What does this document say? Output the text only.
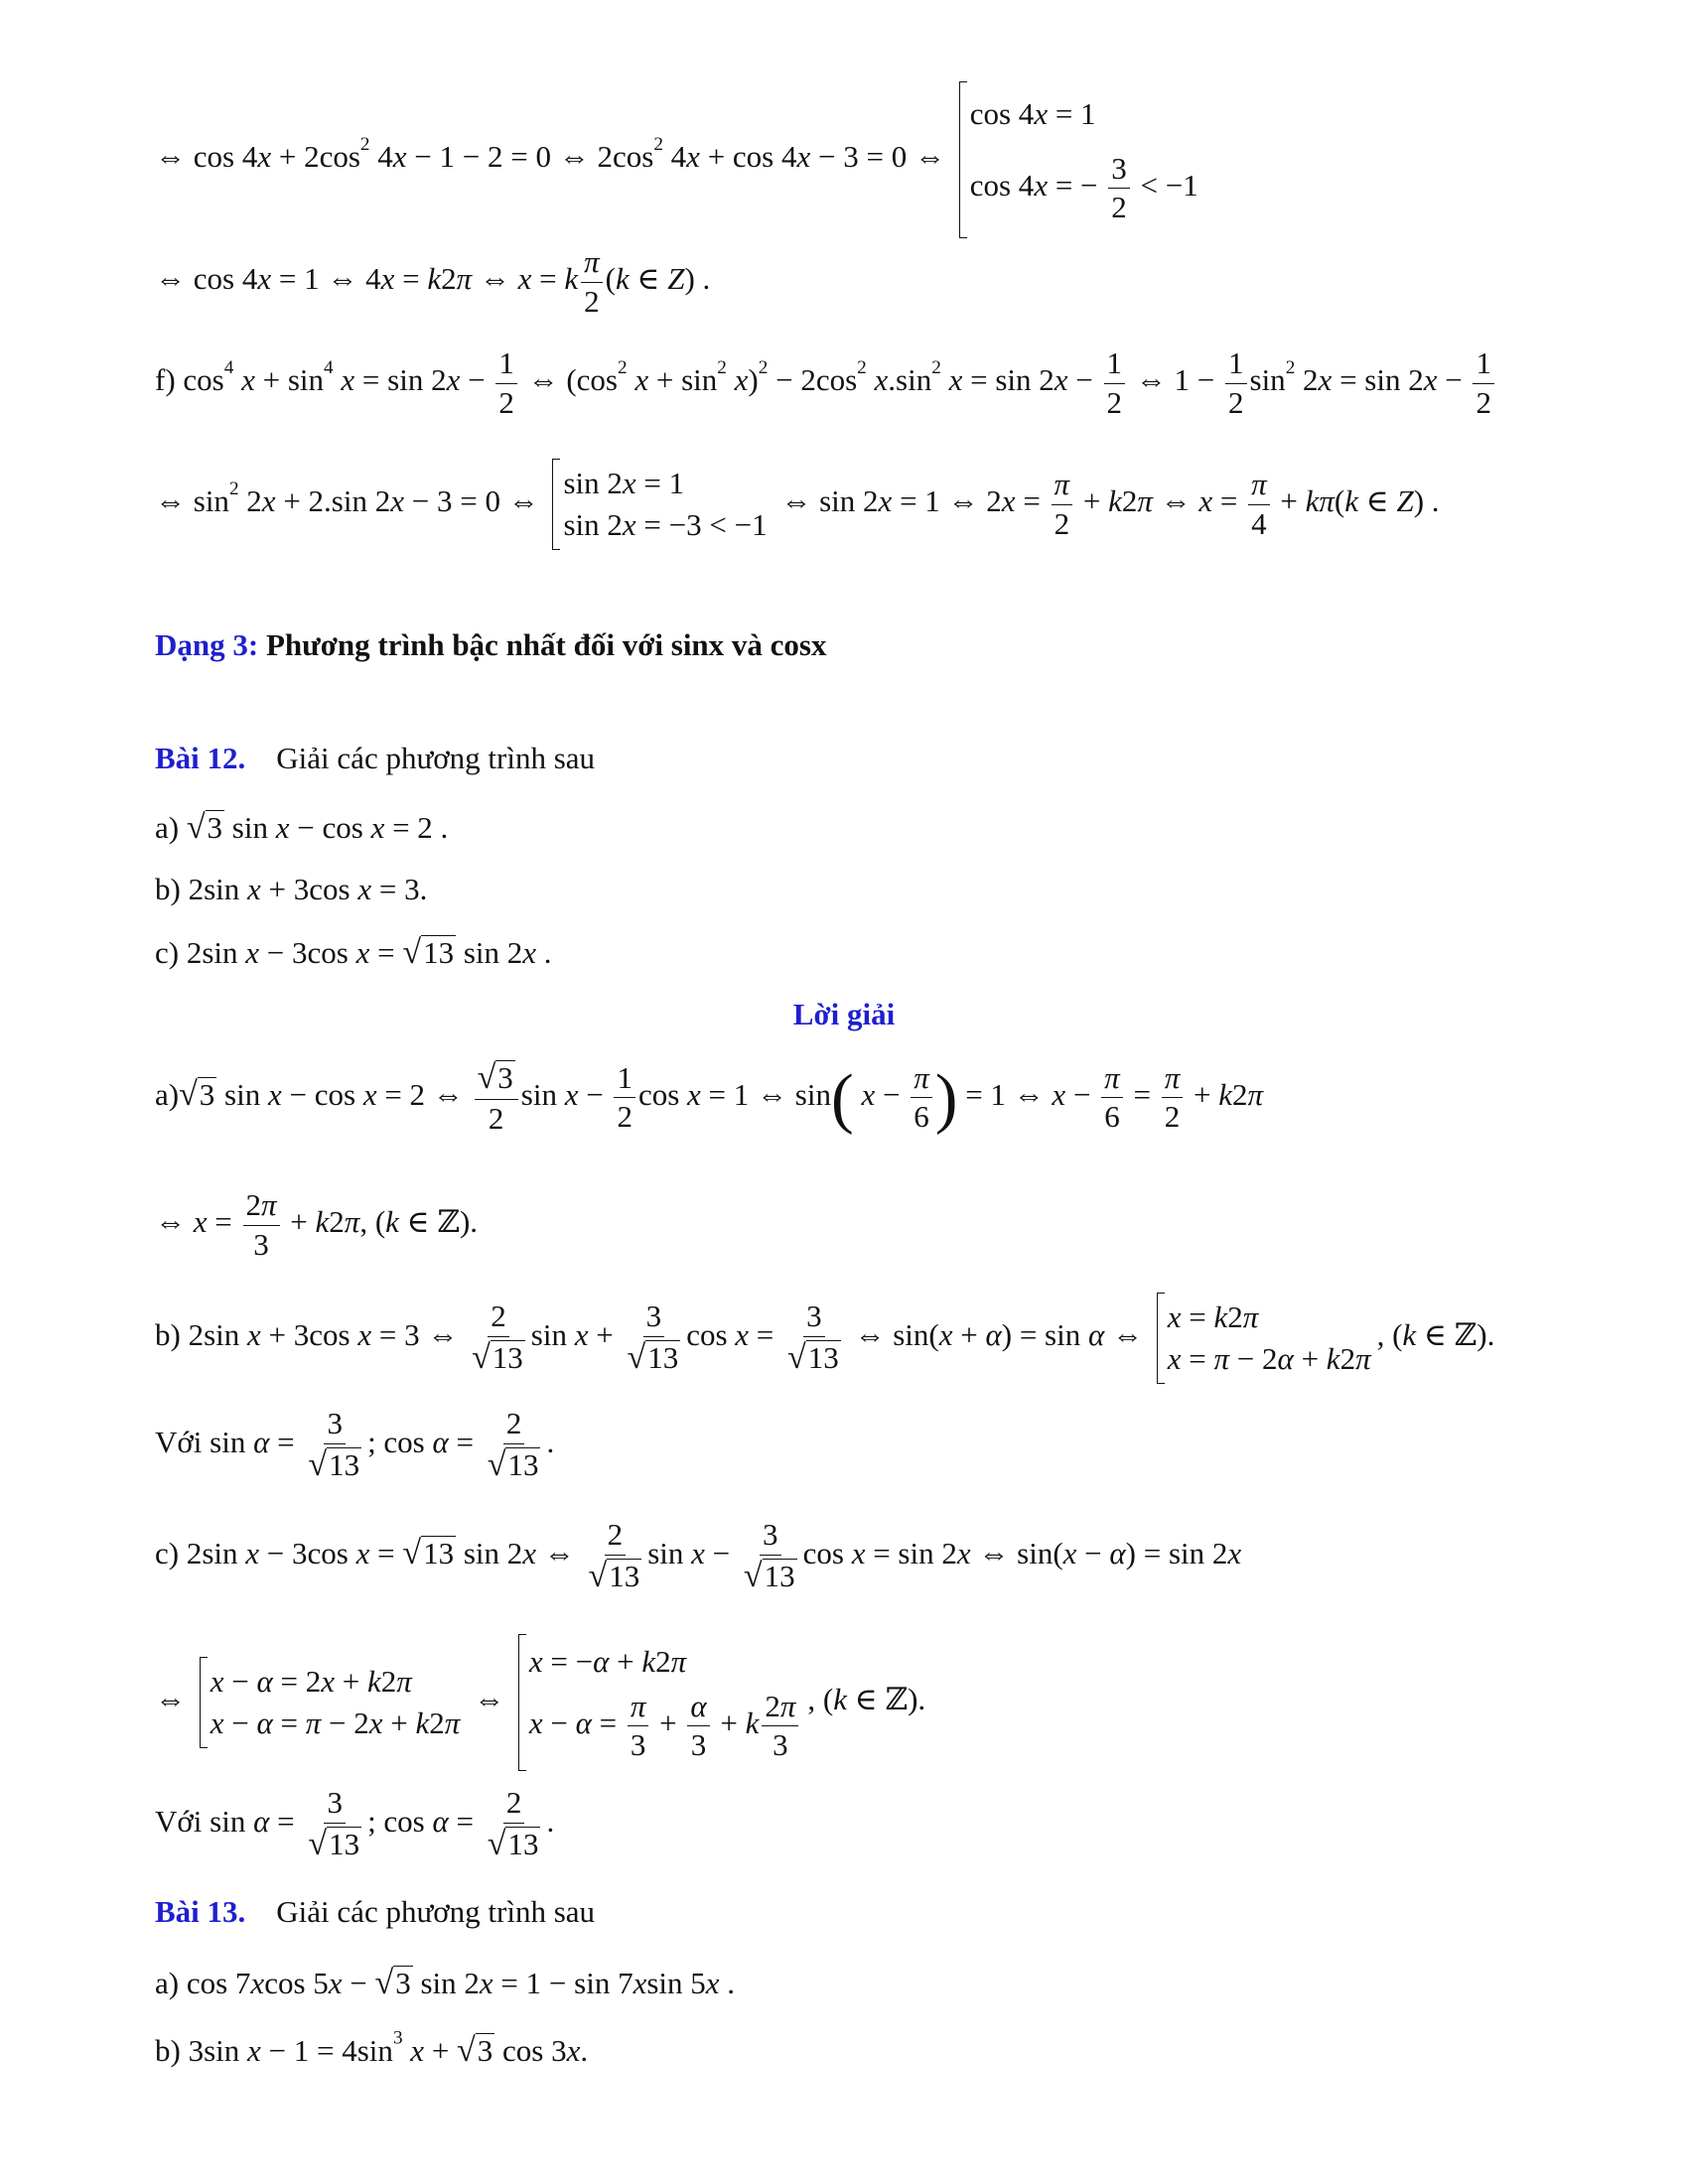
⇔ $\cos 4x + 2\cos^2$ 4x − 1 − 2 = 0 ⇔ $2\cos^2$ 4x + cos 4x − 3 = 0 ⇔
cos 4x = 1
cos 4x = − $\frac{3}{2} < -1$
⇔ cos 4x = 1 ⇔ 4x = k2π ⇔ x = k $\frac{\pi}{2} (k$ ∈ Z) .
f) $\cos^4 x + \sin^4 x = \sin 2x - \frac{1}{2}$ ⇔ ($\cos^2$ $x + \sin^2 x)^2 - 2\cos^2$ $x.\sin^2$ $x = \sin 2x - \frac{1}{2}$ ⇔ $1 - \frac{1}{2} \sin^2 2x = \sin 2x - \frac{1}{2}$
⇔ $\sin^2 2x + 2.\sin$ 2x − 3 = 0 ⇔
sin 2x = 1
sin 2x = −3 < −1
⇔ sin 2x = 1 ⇔ $2x = \frac{\pi}{2} + k2\pi$ ⇔ $x = \frac{\pi}{4} + k\pi(k$ ∈ Z) .
Dạng 3: Phương trình bậc nhất đối với sinx và cosx
Bài 12. Giải các phương trình sau
a) √3 sin x − cos x = 2 .
b) 2sin x + 3cos x = 3.
c) 2sin x − 3cos x = √13 sin 2x .
Lời giải
a)√3 sin x − cos x = 2 ⇔ $\frac{√3}{2}$ $\sin x - \frac{1}{2}$ cos x = 1 ⇔ sin( $x - \frac{\pi}{6}$ ) = 1 ⇔ $x - \frac{\pi}{6} = \frac{\pi}{2} + k2\pi$
⇔ $x = \frac{2\pi}{3} + k2\pi$, (k ∈ ℤ).
b) 2sin x + 3cos x = 3 ⇔ $\frac{2}{√13}$ $\sin x + \frac{3}{√13}$ $\cos x = \frac{3}{√13}$ ⇔ sin(x + α) = sin α ⇔
x = k2π
x = π − 2α + k2π
, (k ∈ ℤ).
Với $\sin \alpha = \frac{3}{√13}$ ; $\cos \alpha = \frac{2}{√13}$ .
c) 2sin x − 3cos x = √13 sin 2x ⇔ $\frac{2}{√13}$ $\sin x - \frac{3}{√13}$ cos x = sin 2x ⇔ sin(x − α) = sin 2x
⇔
x − α = 2x + k2π
x − α = π − 2x + k2π
⇔
x = −α + k2π
$x - \alpha = \frac{\pi}{3} + \frac{\alpha}{3} + k \frac{2\pi}{3}$ , (k ∈ ℤ).
Với $\sin \alpha = \frac{3}{√13}$ ; $\cos \alpha = \frac{2}{√13}$ .
Bài 13. Giải các phương trình sau
a) cos 7xcos 5x − √3 sin 2x = 1 − sin 7xsin 5x .
b) 3sin $x - 1 = 4\sin^3$ x + √3 cos 3x.
